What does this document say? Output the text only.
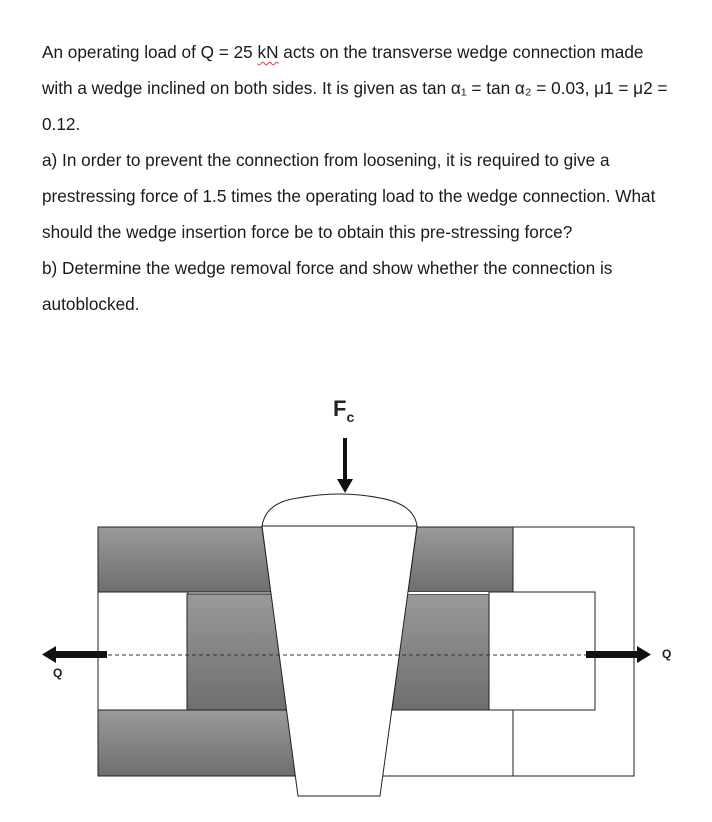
An operating load of Q = 25 kN acts on the transverse wedge connection made with a wedge inclined on both sides. It is given as tan α₁ = tan α₂ = 0.03, μ1 = μ2 = 0.12.

a) In order to prevent the connection from loosening, it is required to give a prestressing force of 1.5 times the operating load to the wedge connection. What should the wedge insertion force be to obtain this pre-stressing force?

b) Determine the wedge removal force and show whether the connection is autoblocked.

$F_c$
Q
Q
